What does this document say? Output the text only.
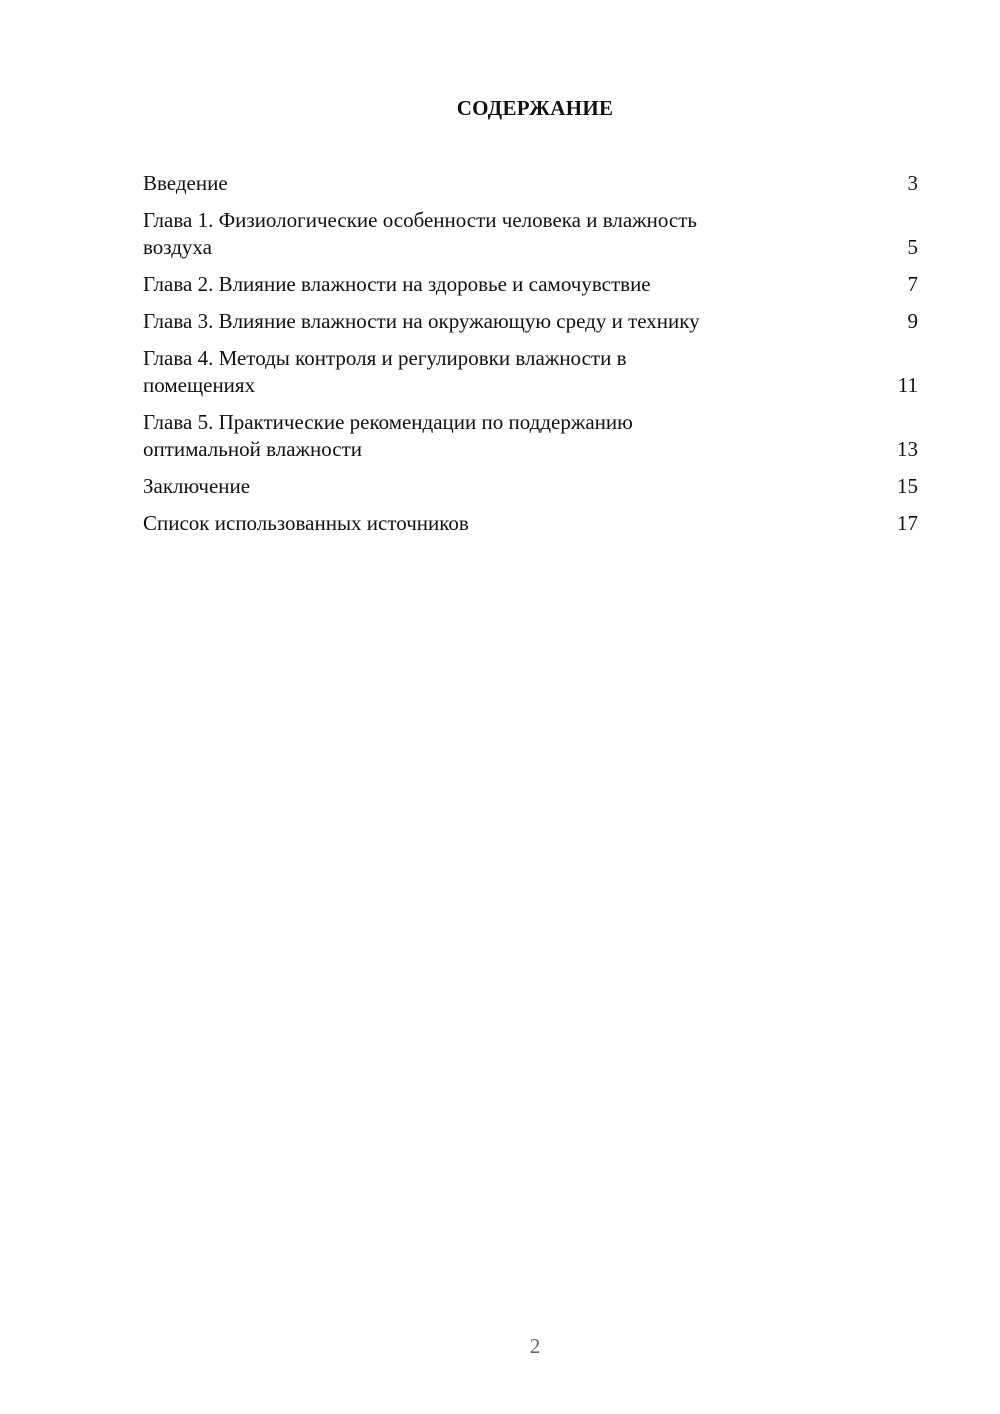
СОДЕРЖАНИЕ
Введение	3
Глава 1. Физиологические особенности человека и влажность
воздуха	5
Глава 2. Влияние влажности на здоровье и самочувствие	7
Глава 3. Влияние влажности на окружающую среду и технику	9
Глава 4. Методы контроля и регулировки влажности в
помещениях	11
Глава 5. Практические рекомендации по поддержанию
оптимальной влажности	13
Заключение	15
Список использованных источников	17
2
